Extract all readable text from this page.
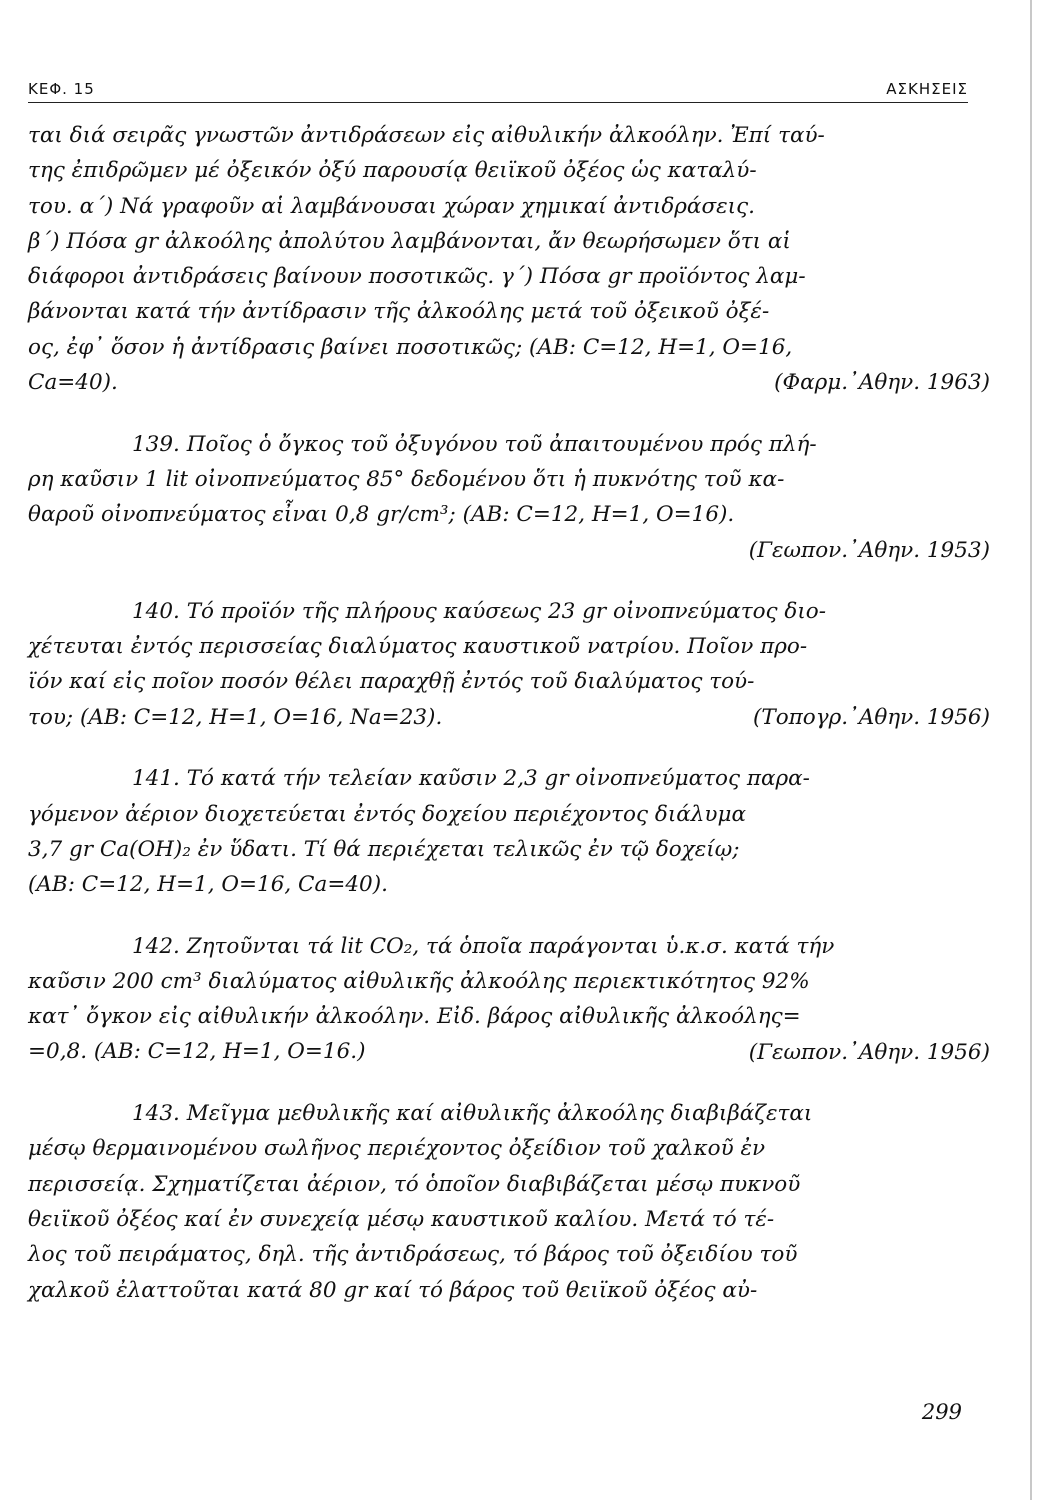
ΚΕΦ. 15	ΑΣΚΗΣΕΙΣ
ται διά σειρᾶς γνωστῶν ἀντιδράσεων εἰς αἰθυλικήν ἀλκοόλην. Ἐπί ταύ-
της ἐπιδρῶμεν μέ ὀξεικόν ὀξύ παρουσίᾳ θειϊκοῦ ὀξέος ὡς καταλύ-
του. α΄) Νά γραφοῦν αἱ λαμβάνουσαι χώραν χημικαί ἀντιδράσεις.
β΄) Πόσα gr ἀλκοόλης ἀπολύτου λαμβάνονται, ἄν θεωρήσωμεν ὅτι αἱ
διάφοροι ἀντιδράσεις βαίνουν ποσοτικῶς. γ΄) Πόσα gr προϊόντος λαμ-
βάνονται κατά τήν ἀντίδρασιν τῆς ἀλκοόλης μετά τοῦ ὀξεικοῦ ὀξέ-
ος, ἐφ᾽ ὅσον ἡ ἀντίδρασις βαίνει ποσοτικῶς; (ΑΒ: C=12, H=1, O=16,
Ca=40).	(Φαρμ.᾽Αθην. 1963)
139. Ποῖος ὁ ὄγκος τοῦ ὀξυγόνου τοῦ ἀπαιτουμένου πρός πλή-
ρη καῦσιν 1 lit οἰνοπνεύματος 85° δεδομένου ὅτι ἡ πυκνότης τοῦ κα-
θαροῦ οἰνοπνεύματος εἶναι 0,8 gr/cm³; (ΑΒ: C=12, H=1, O=16).
(Γεωπον.᾽Αθην. 1953)
140. Τό προϊόν τῆς πλήρους καύσεως 23 gr οἰνοπνεύματος διο-
χέτευται ἐντός περισσείας διαλύματος καυστικοῦ νατρίου. Ποῖον προ-
ϊόν καί εἰς ποῖον ποσόν θέλει παραχθῇ ἐντός τοῦ διαλύματος τού-
του; (ΑΒ: C=12, H=1, O=16, Na=23).	(Τοπογρ.᾽Αθην. 1956)
141. Τό κατά τήν τελείαν καῦσιν 2,3 gr οἰνοπνεύματος παρα-
γόμενον ἀέριον διοχετεύεται ἐντός δοχείου περιέχοντος διάλυμα
3,7 gr Ca(OH)₂ ἐν ὕδατι. Τί θά περιέχεται τελικῶς ἐν τῷ δοχείῳ;
(ΑΒ: C=12, H=1, O=16, Ca=40).
142. Ζητοῦνται τά lit CO₂, τά ὁποῖα παράγονται ὑ.κ.σ. κατά τήν
καῦσιν 200 cm³ διαλύματος αἰθυλικῆς ἀλκοόλης περιεκτικότητος 92%
κατ᾽ ὄγκον εἰς αἰθυλικήν ἀλκοόλην. Εἰδ. βάρος αἰθυλικῆς ἀλκοόλης=
=0,8. (ΑΒ: C=12, H=1, O=16.)	(Γεωπον.᾽Αθην. 1956)
143. Μεῖγμα μεθυλικῆς καί αἰθυλικῆς ἀλκοόλης διαβιβάζεται
μέσῳ θερμαινομένου σωλῆνος περιέχοντος ὀξείδιον τοῦ χαλκοῦ ἐν
περισσείᾳ. Σχηματίζεται ἀέριον, τό ὁποῖον διαβιβάζεται μέσῳ πυκνοῦ
θειϊκοῦ ὀξέος καί ἐν συνεχείᾳ μέσῳ καυστικοῦ καλίου. Μετά τό τέ-
λος τοῦ πειράματος, δηλ. τῆς ἀντιδράσεως, τό βάρος τοῦ ὀξειδίου τοῦ
χαλκοῦ ἐλαττοῦται κατά 80 gr καί τό βάρος τοῦ θειϊκοῦ ὀξέος αὐ-
299
